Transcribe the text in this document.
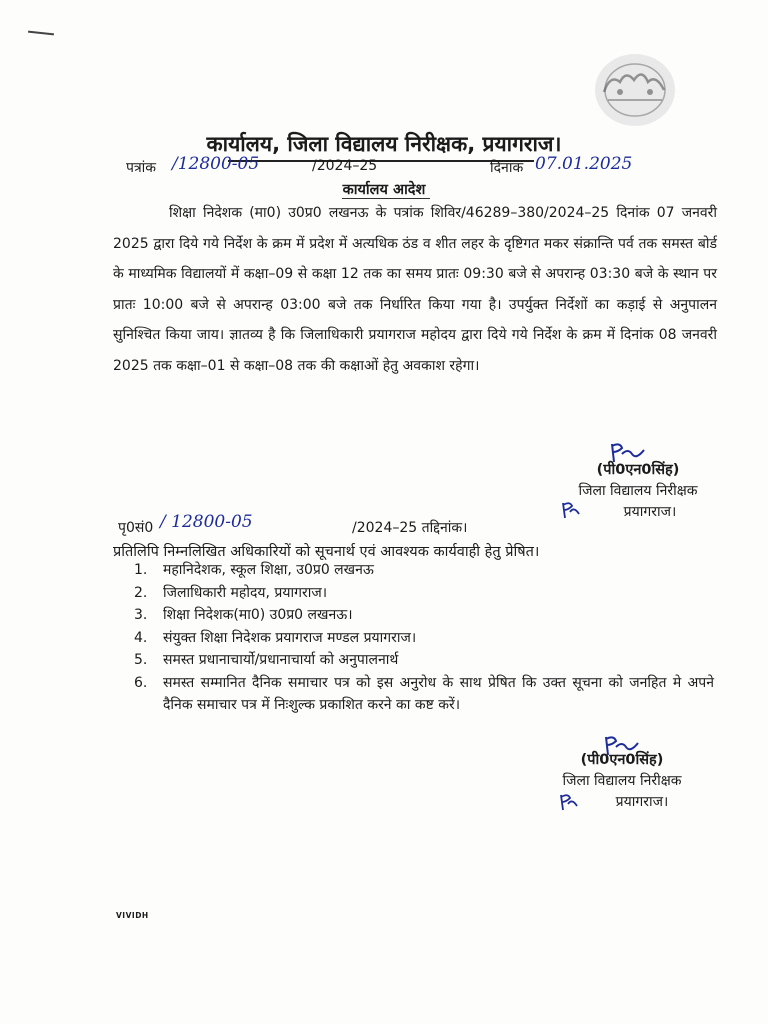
कार्यालय, जिला विद्यालय निरीक्षक, प्रयागराज।
पत्रांक /12800-05	/2024–25	दिनांक 07.01.2025
कार्यालय आदेश

शिक्षा निदेशक (मा0) उ0प्र0 लखनऊ के पत्रांक शिविर/46289–380/2024–25 दिनांक 07 जनवरी 2025 द्वारा दिये गये निर्देश के क्रम में प्रदेश में अत्यधिक ठंड व शीत लहर के दृष्टिगत मकर संक्रान्ति पर्व तक समस्त बोर्ड के माध्यमिक विद्यालयों में कक्षा–09 से कक्षा 12 तक का समय प्रातः 09:30 बजे से अपरान्ह 03:30 बजे के स्थान पर प्रातः 10:00 बजे से अपरान्ह 03:00 बजे तक निर्धारित किया गया है। उपर्युक्त निर्देशों का कड़ाई से अनुपालन सुनिश्चित किया जाय। ज्ञातव्य है कि जिलाधिकारी प्रयागराज महोदय द्वारा दिये गये निर्देश के क्रम में दिनांक 08 जनवरी 2025 तक कक्षा–01 से कक्षा–08 तक की कक्षाओं हेतु अवकाश रहेगा।

(पी0एन0सिंह)
जिला विद्यालय निरीक्षक
प्रयागराज।
पृ0सं0 / 12800-05	/2024–25 तद्दिनांक।
प्रतिलिपि निम्नलिखित अधिकारियों को सूचनार्थ एवं आवश्यक कार्यवाही हेतु प्रेषित।
1.	महानिदेशक, स्कूल शिक्षा, उ0प्र0 लखनऊ
2.	जिलाधिकारी महोदय, प्रयागराज।
3.	शिक्षा निदेशक(मा0) उ0प्र0 लखनऊ।
4.	संयुक्त शिक्षा निदेशक प्रयागराज मण्डल प्रयागराज।
5.	समस्त प्रधानाचार्यो/प्रधानाचार्या को अनुपालनार्थ
6.	समस्त सम्मानित दैनिक समाचार पत्र को इस अनुरोध के साथ प्रेषित कि उक्त सूचना को जनहित मे अपने दैनिक समाचार पत्र में निःशुल्क प्रकाशित करने का कष्ट करें।
(पी0एन0सिंह)
जिला विद्यालय निरीक्षक
प्रयागराज।
VIVIDH
